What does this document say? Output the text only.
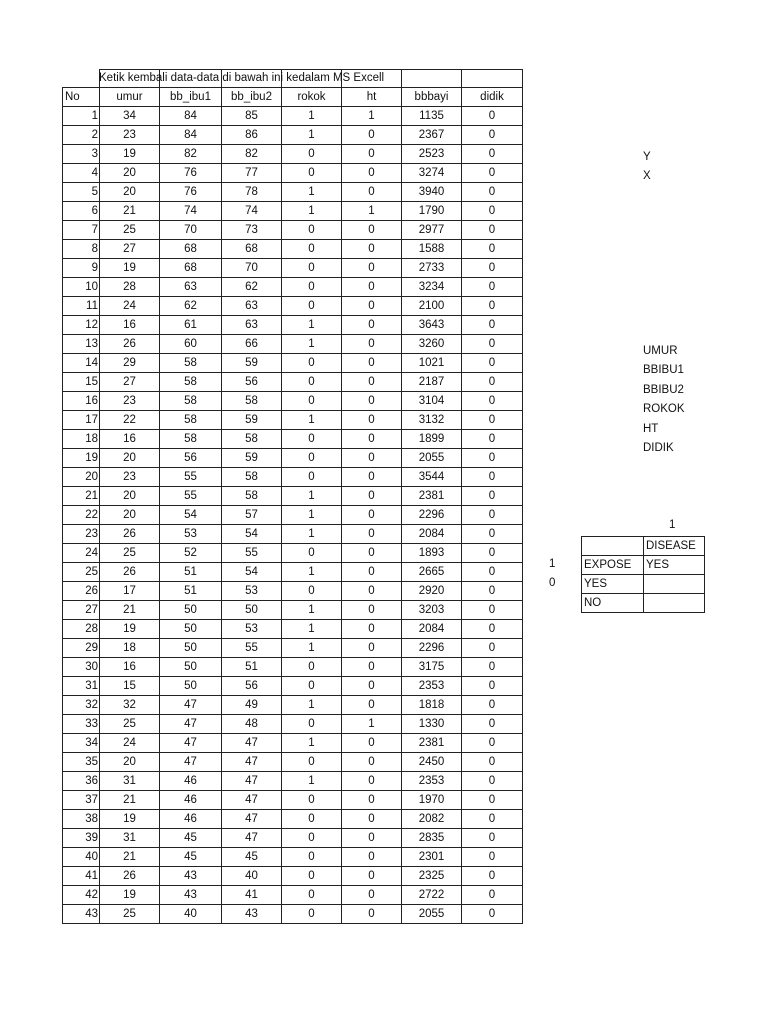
No	umur	bb_ibu1	bb_ibu2	rokok	ht	bbbayi	didik
1	34	84	85	1	1	1135	0
2	23	84	86	1	0	2367	0
3	19	82	82	0	0	2523	0
4	20	76	77	0	0	3274	0
5	20	76	78	1	0	3940	0
6	21	74	74	1	1	1790	0
7	25	70	73	0	0	2977	0
8	27	68	68	0	0	1588	0
9	19	68	70	0	0	2733	0
10	28	63	62	0	0	3234	0
11	24	62	63	0	0	2100	0
12	16	61	63	1	0	3643	0
13	26	60	66	1	0	3260	0
14	29	58	59	0	0	1021	0
15	27	58	56	0	0	2187	0
16	23	58	58	0	0	3104	0
17	22	58	59	1	0	3132	0
18	16	58	58	0	0	1899	0
19	20	56	59	0	0	2055	0
20	23	55	58	0	0	3544	0
21	20	55	58	1	0	2381	0
22	20	54	57	1	0	2296	0
23	26	53	54	1	0	2084	0
24	25	52	55	0	0	1893	0
25	26	51	54	1	0	2665	0
26	17	51	53	0	0	2920	0
27	21	50	50	1	0	3203	0
28	19	50	53	1	0	2084	0
29	18	50	55	1	0	2296	0
30	16	50	51	0	0	3175	0
31	15	50	56	0	0	2353	0
32	32	47	49	1	0	1818	0
33	25	47	48	0	1	1330	0
34	24	47	47	1	0	2381	0
35	20	47	47	0	0	2450	0
36	31	46	47	1	0	2353	0
37	21	46	47	0	0	1970	0
38	19	46	47	0	0	2082	0
39	31	45	47	0	0	2835	0
40	21	45	45	0	0	2301	0
41	26	43	40	0	0	2325	0
42	19	43	41	0	0	2722	0
43	25	40	43	0	0	2055	0
Ketik kembali data-data di bawah ini kedalam MS Excell
Y
X
UMUR
BBIBU1
BBIBU2
ROKOK
HT
DIDIK
1
1
0
	DISEASE
EXPOSE	YES
YES	
NO	
